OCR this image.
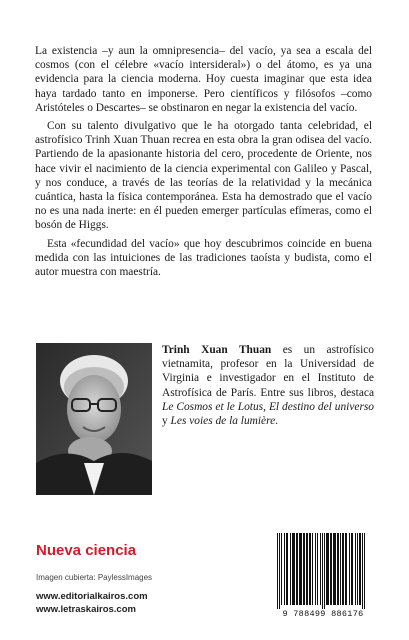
La existencia –y aun la omnipresencia– del vacío, ya sea a escala del cosmos (con el célebre «vacío intersideral») o del átomo, es ya una evidencia para la ciencia moderna. Hoy cuesta imaginar que esta idea haya tardado tanto en imponerse. Pero científicos y filósofos –como Aristóteles o Descartes– se obstinaron en negar la existencia del vacío.

Con su talento divulgativo que le ha otorgado tanta celebridad, el astrofísico Trinh Xuan Thuan recrea en esta obra la gran odisea del vacío. Partiendo de la apasionante historia del cero, procedente de Oriente, nos hace vivir el nacimiento de la ciencia experimental con Galileo y Pascal, y nos conduce, a través de las teorías de la relatividad y la mecánica cuántica, hasta la física contemporánea. Esta ha demostrado que el vacío no es una nada inerte: en él pueden emerger partículas efímeras, como el bosón de Higgs.

Esta «fecundidad del vacío» que hoy descubrimos coincide en buena medida con las intuiciones de las tradiciones taoísta y budista, como el autor muestra con maestría.

Trinh Xuan Thuan es un astrofísico vietnamita, profesor en la Universidad de Virginia e investigador en el Instituto de Astrofísica de París. Entre sus libros, destaca Le Cosmos et le Lotus, El destino del universo y Les voies de la lumière.
Nueva ciencia
Imagen cubierta: PaylessImages
www.editorialkairos.com
www.letraskairos.com	9 788499 886176
